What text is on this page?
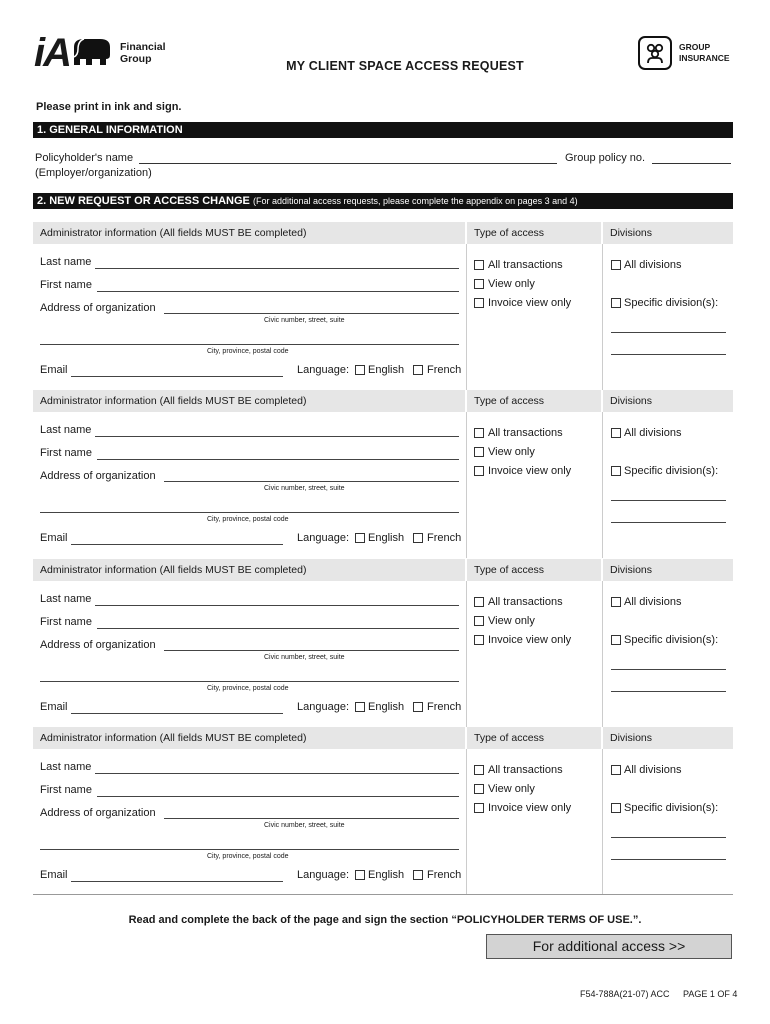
iA	Financial
Group	MY CLIENT SPACE ACCESS REQUEST
GROUP
INSURANCE
Please print in ink and sign.
1. GENERAL INFORMATION
Policyholder's name	Group policy no.
(Employer/organization)
2. NEW REQUEST OR ACCESS CHANGE (For additional access requests, please complete the appendix on pages 3 and 4)
Administrator information (All fields MUST BE completed)	Type of access	Divisions
Last name
First name
Address of organization
Civic number, street, suite
City, province, postal code
Email	Language: English French
All transactions
View only
Invoice view only
All divisions
Specific division(s):
Administrator information (All fields MUST BE completed)	Type of access	Divisions
Last name
First name
Address of organization
Civic number, street, suite
City, province, postal code
Email	Language: English French
All transactions
View only
Invoice view only
All divisions
Specific division(s):
Administrator information (All fields MUST BE completed)	Type of access	Divisions
Last name
First name
Address of organization
Civic number, street, suite
City, province, postal code
Email	Language: English French
All transactions
View only
Invoice view only
All divisions
Specific division(s):
Administrator information (All fields MUST BE completed)	Type of access	Divisions
Last name
First name
Address of organization
Civic number, street, suite
City, province, postal code
Email	Language: English French
All transactions
View only
Invoice view only
All divisions
Specific division(s):
Read and complete the back of the page and sign the section “POLICYHOLDER TERMS OF USE.”.
For additional access >>
F54-788A(21-07) ACC PAGE 1 OF 4
